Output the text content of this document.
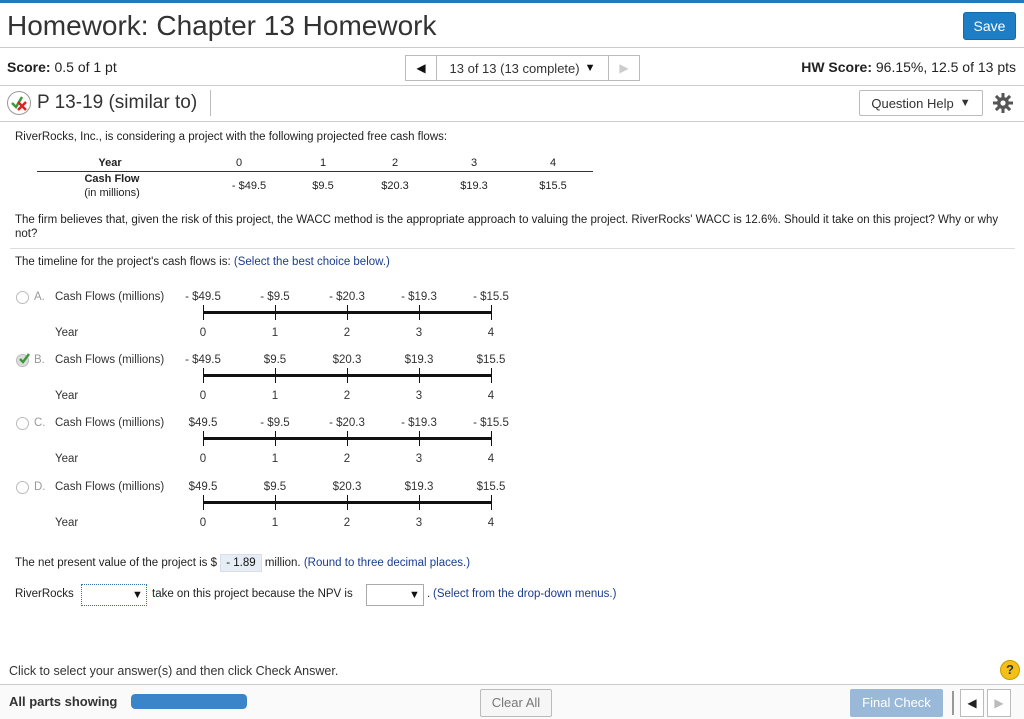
Homework: Chapter 13 Homework	Save
Score: 0.5 of 1 pt	◀	13 of 13 (13 complete) ▼	▶	HW Score: 96.15%, 12.5 of 13 pts
P 13-19 (similar to)	Question Help ▼
RiverRocks, Inc., is considering a project with the following projected free cash flows:
Year	0	1	2	3	4
Cash Flow
(in millions)
- $49.5	$9.5	$20.3	$19.3	$15.5
The firm believes that, given the risk of this project, the WACC method is the appropriate approach to valuing the project. RiverRocks' WACC is 12.6%. Should it take on this project? Why or why not?
The timeline for the project's cash flows is: (Select the best choice below.)
A. Cash Flows (millions)	- $49.5	- $9.5	- $20.3	- $19.3	- $15.5
Year	0	1	2	3	4
B. Cash Flows (millions)	- $49.5	$9.5	$20.3	$19.3	$15.5
Year	0	1	2	3	4
C. Cash Flows (millions)	$49.5	- $9.5	- $20.3	- $19.3	- $15.5
Year	0	1	2	3	4
D. Cash Flows (millions)	$49.5	$9.5	$20.3	$19.3	$15.5
Year	0	1	2	3	4
The net present value of the project is $ - 1.89 million. (Round to three decimal places.)
RiverRocks	▼ take on this project because the NPV is	▼ . (Select from the drop-down menus.)
Click to select your answer(s) and then click Check Answer.	?
All parts showing	Clear All	Final Check	◀	▶
